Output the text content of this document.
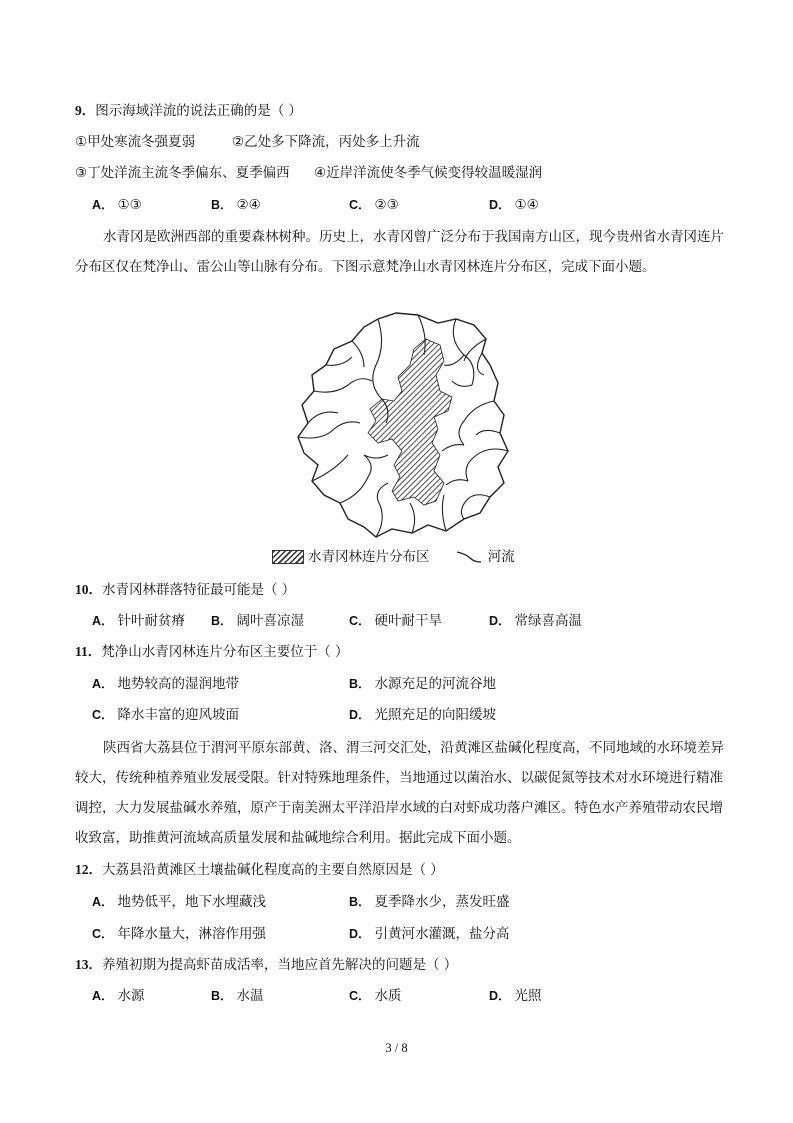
9．图示海域洋流的说法正确的是（ ）
①甲处寒流冬强夏弱	②乙处多下降流，丙处多上升流
③丁处洋流主流冬季偏东、夏季偏西 ④近岸洋流使冬季气候变得较温暖湿润
A． ①③	B． ②④	C． ②③	D． ①④
水青冈是欧洲西部的重要森林树种。历史上，水青冈曾广泛分布于我国南方山区，现今贵州省水青冈连片分布区仅在梵净山、雷公山等山脉有分布。下图示意梵净山水青冈林连片分布区，完成下面小题。
水青冈林连片分布区	河流
10．水青冈林群落特征最可能是（ ）
A． 针叶耐贫瘠 B． 阔叶喜凉湿	C． 硬叶耐干旱	D． 常绿喜高温
11．梵净山水青冈林连片分布区主要位于（ ）
A． 地势较高的湿润地带	B． 水源充足的河流谷地
C． 降水丰富的迎风坡面	D． 光照充足的向阳缓坡
陕西省大荔县位于渭河平原东部黄、洛、渭三河交汇处，沿黄滩区盐碱化程度高，不同地域的水环境差异较大，传统种植养殖业发展受限。针对特殊地理条件，当地通过以菌治水、以碳促氮等技术对水环境进行精准调控，大力发展盐碱水养殖，原产于南美洲太平洋沿岸水域的白对虾成功落户滩区。特色水产养殖带动农民增收致富，助推黄河流域高质量发展和盐碱地综合利用。据此完成下面小题。
12．大荔县沿黄滩区土壤盐碱化程度高的主要自然原因是（ ）
A． 地势低平，地下水埋藏浅	B． 夏季降水少，蒸发旺盛
C． 年降水量大，淋溶作用强	D． 引黄河水灌溉，盐分高
13．养殖初期为提高虾苗成活率，当地应首先解决的问题是（ ）
A． 水源	B． 水温	C． 水质	D． 光照
3 / 8
